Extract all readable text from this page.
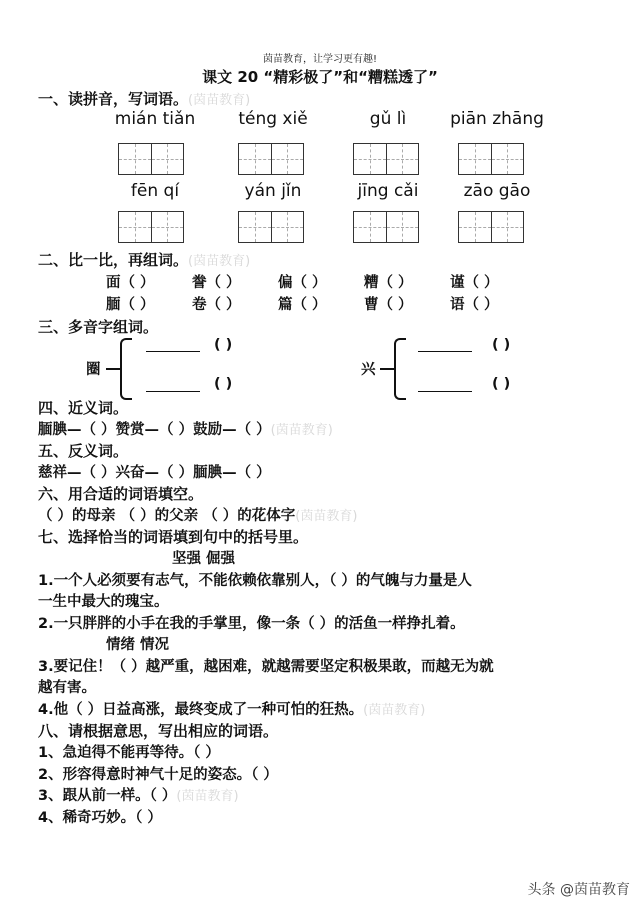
茵苗教育，让学习更有趣!
课文 20 “精彩极了”和“糟糕透了”
一、读拼音，写词语。(茵苗教育)
mián tiǎn	téng xiě	gǔ lì	piān zhāng
fēn qí	yán jǐn	jīng cǎi	zāo gāo
二、比一比，再组词。(茵苗教育)
面（ ）	誊（ ）	偏（ ）	糟（ ）	谨（ ）
腼（ ）	卷（ ）	篇（ ）	曹（ ）	语（ ）
三、多音字组词。
圈
( )
( )
兴
( )
( )
四、近义词。
腼腆—（ ）赞赏—（ ）鼓励—（ ）(茵苗教育)
五、反义词。
慈祥—（ ）兴奋—（ ）腼腆—（ ）
六、用合适的词语填空。
（ ）的母亲 （ ）的父亲 （ ）的花体字(茵苗教育)
七、选择恰当的词语填到句中的括号里。
坚强 倔强
1.一个人必须要有志气，不能依赖依靠别人，（ ）的气魄与力量是人
一生中最大的瑰宝。
2.一只胖胖的小手在我的手掌里，像一条（ ）的活鱼一样挣扎着。
情绪 情况
3.要记住！（ ）越严重，越困难，就越需要坚定积极果敢，而越无为就
越有害。
4.他（ ）日益高涨，最终变成了一种可怕的狂热。(茵苗教育)
八、请根据意思，写出相应的词语。
1、急迫得不能再等待。（ ）
2、形容得意时神气十足的姿态。（ ）
3、跟从前一样。（ ）(茵苗教育)
4、稀奇巧妙。（ ）
头条 @茵苗教育
